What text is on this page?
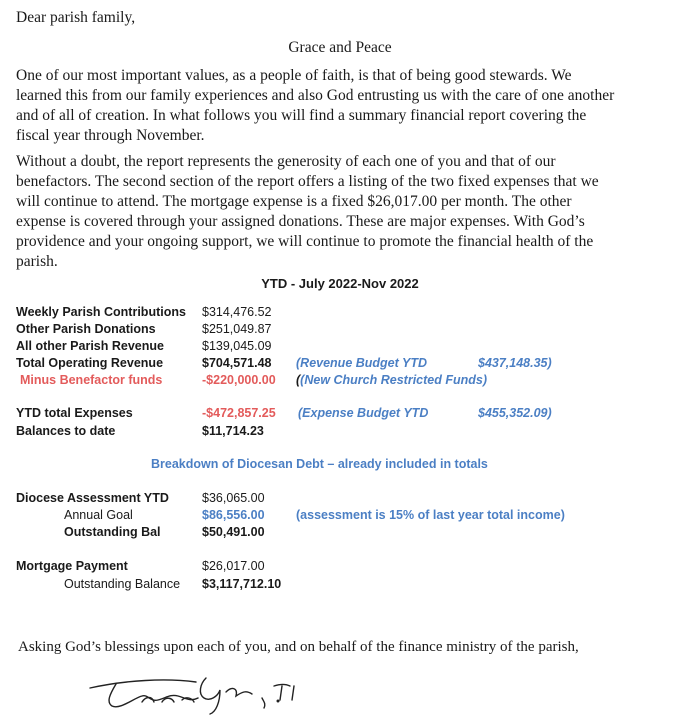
Dear parish family,
Grace and Peace
One of our most important values, as a people of faith, is that of being good stewards. We
learned this from our family experiences and also God entrusting us with the care of one another
and of all of creation. In what follows you will find a summary financial report covering the
fiscal year through November.
Without a doubt, the report represents the generosity of each one of you and that of our
benefactors. The second section of the report offers a listing of the two fixed expenses that we
will continue to attend. The mortgage expense is a fixed $26,017.00 per month. The other
expense is covered through your assigned donations. These are major expenses. With God’s
providence and your ongoing support, we will continue to promote the financial health of the
parish.
YTD - July 2022-Nov 2022
Weekly Parish Contributions $314,476.52
Other Parish Donations	$251,049.87
All other Parish Revenue	$139,045.09
Total Operating Revenue	$704,571.48 (Revenue Budget YTD	$437,148.35)
Minus Benefactor funds	-$220,000.00 ((New Church Restricted Funds)
YTD total Expenses	-$472,857.25 (Expense Budget YTD	$455,352.09)
Balances to date	$11,714.23
Breakdown of Diocesan Debt – already included in totals
Diocese Assessment YTD	$36,065.00
Annual Goal	$86,556.00	(assessment is 15% of last year total income)
Outstanding Bal	$50,491.00
Mortgage Payment	$26,017.00
Outstanding Balance $3,117,712.10
Asking God’s blessings upon each of you, and on behalf of the finance ministry of the parish,
